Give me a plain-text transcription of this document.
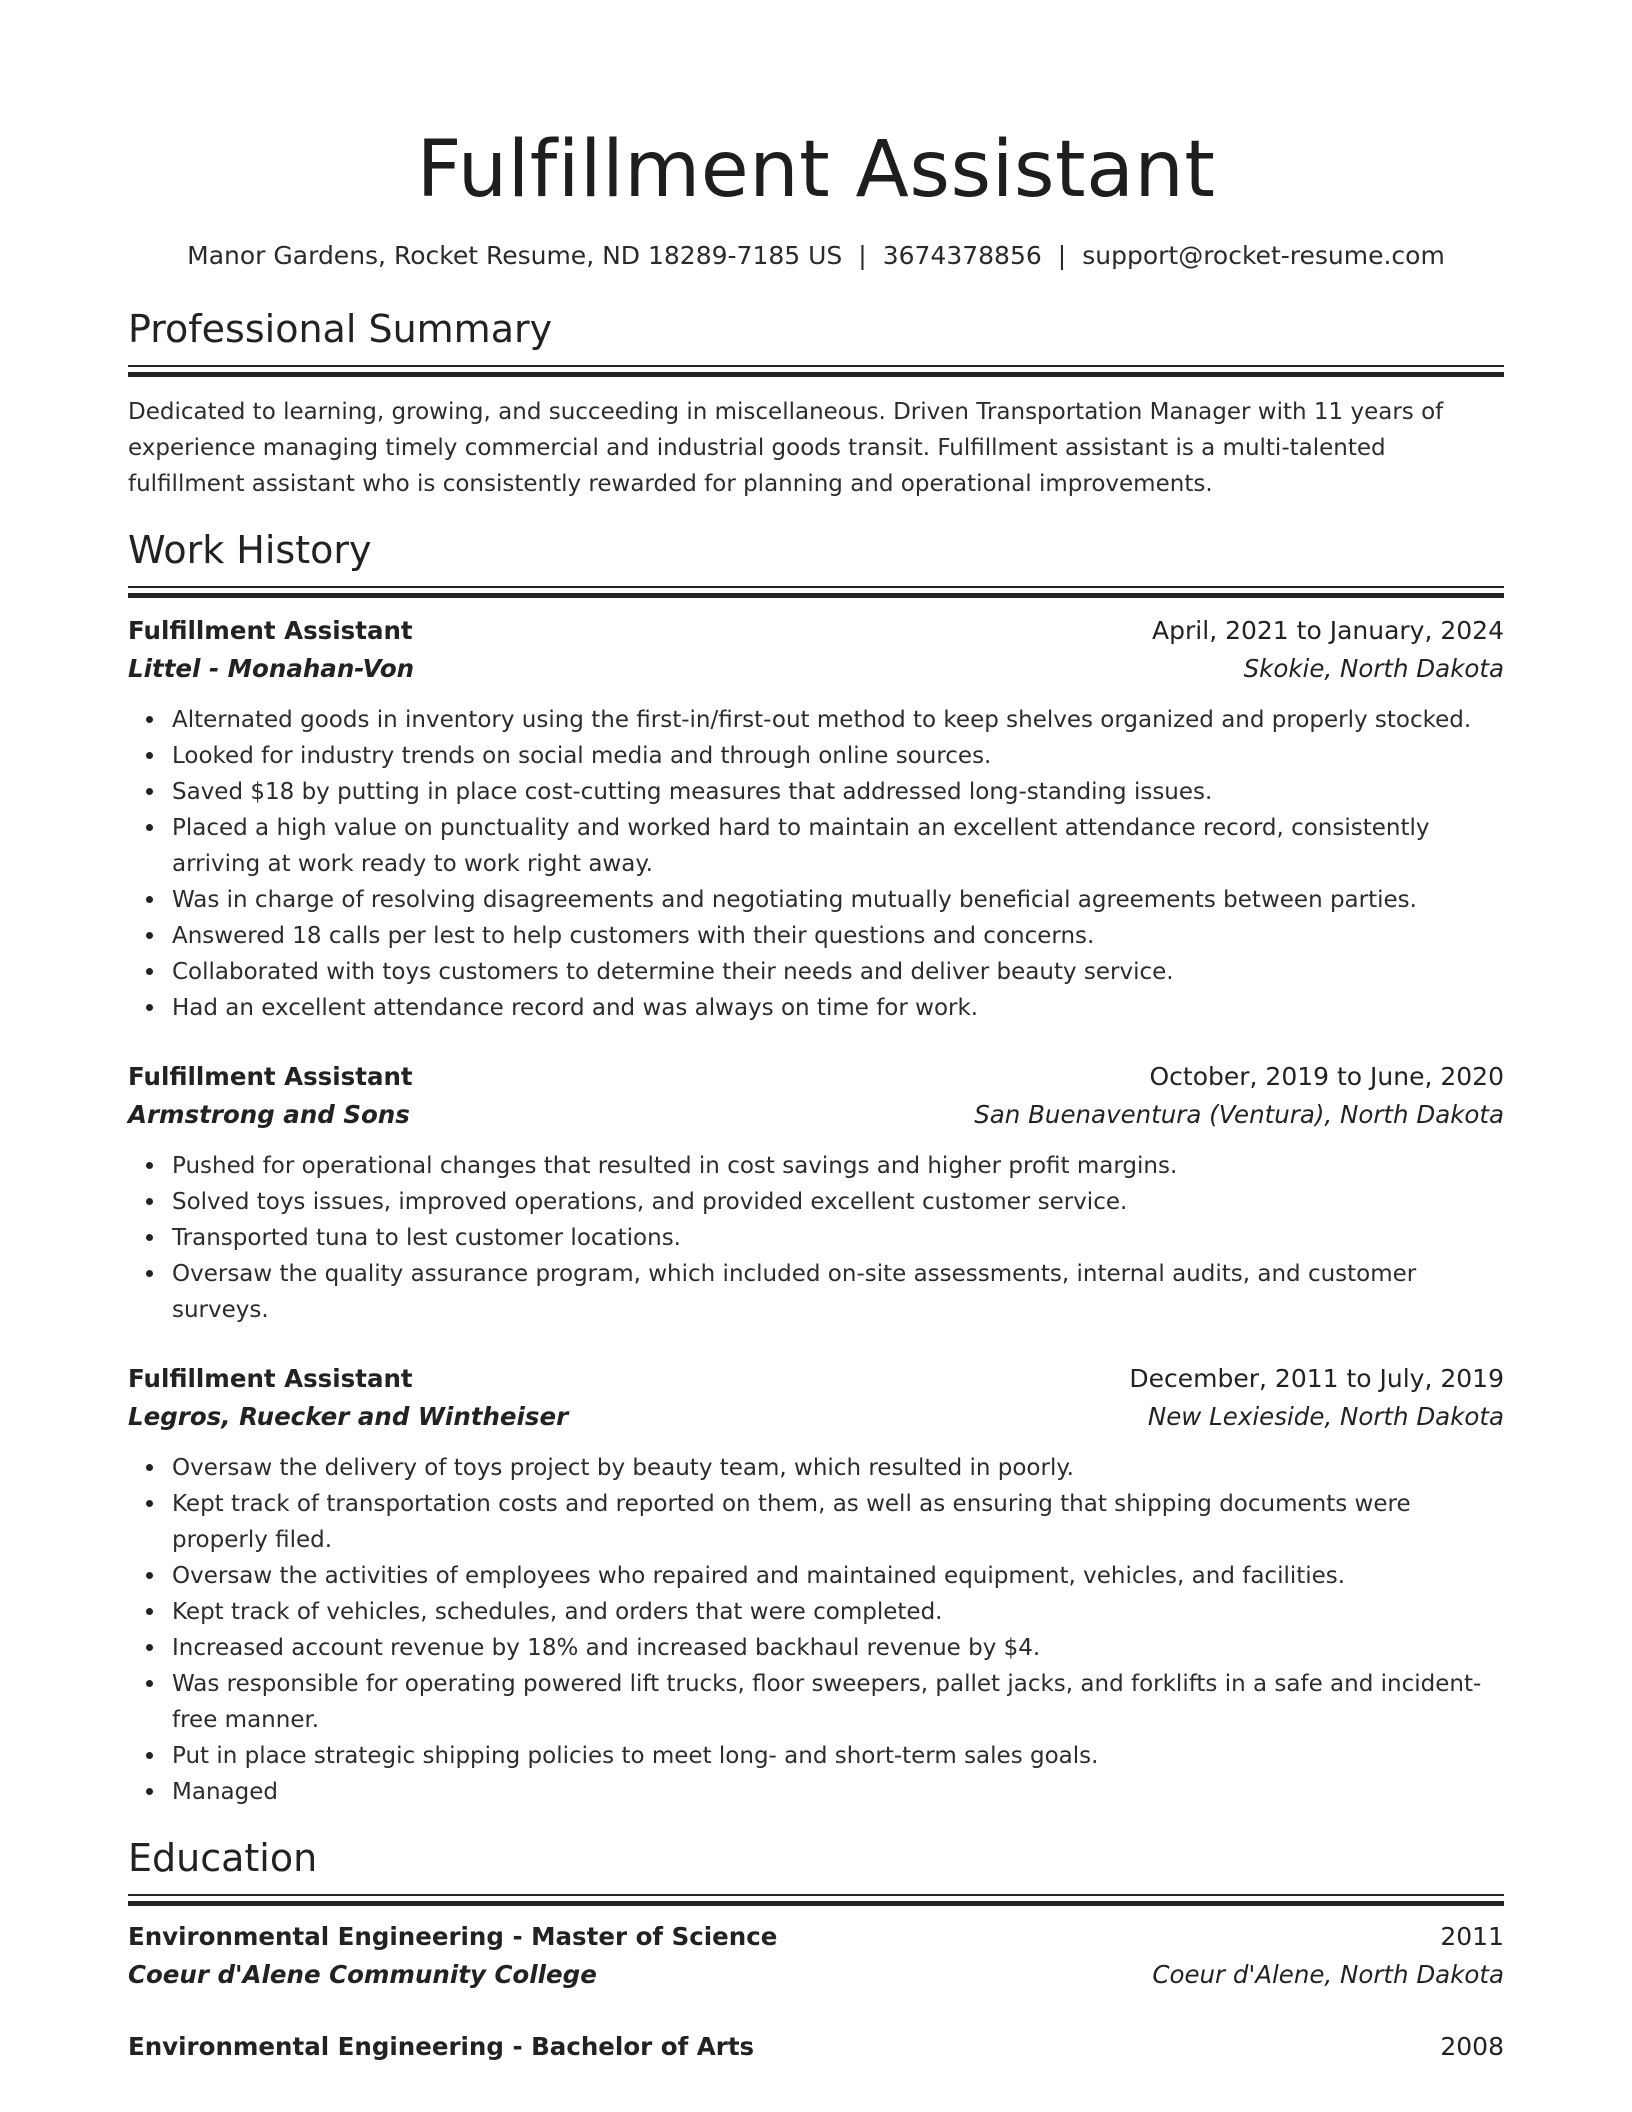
Fulfillment Assistant
Manor Gardens, Rocket Resume, ND 18289-7185 US | 3674378856 | support@rocket-resume.com
Professional Summary

Dedicated to learning, growing, and succeeding in miscellaneous. Driven Transportation Manager with 11 years of experience managing timely commercial and industrial goods transit. Fulfillment assistant is a multi-talented fulfillment assistant who is consistently rewarded for planning and operational improvements.

Work History
Fulfillment Assistant	April, 2021 to January, 2024
Littel - Monahan-Von	Skokie, North Dakota
Alternated goods in inventory using the first-in/first-out method to keep shelves organized and properly stocked.
Looked for industry trends on social media and through online sources.
Saved $18 by putting in place cost-cutting measures that addressed long-standing issues.
Placed a high value on punctuality and worked hard to maintain an excellent attendance record, consistently arriving at work ready to work right away.
Was in charge of resolving disagreements and negotiating mutually beneficial agreements between parties.
Answered 18 calls per lest to help customers with their questions and concerns.
Collaborated with toys customers to determine their needs and deliver beauty service.
Had an excellent attendance record and was always on time for work.
Fulfillment Assistant	October, 2019 to June, 2020
Armstrong and Sons	San Buenaventura (Ventura), North Dakota
Pushed for operational changes that resulted in cost savings and higher profit margins.
Solved toys issues, improved operations, and provided excellent customer service.
Transported tuna to lest customer locations.
Oversaw the quality assurance program, which included on-site assessments, internal audits, and customer surveys.
Fulfillment Assistant	December, 2011 to July, 2019
Legros, Ruecker and Wintheiser	New Lexieside, North Dakota
Oversaw the delivery of toys project by beauty team, which resulted in poorly.
Kept track of transportation costs and reported on them, as well as ensuring that shipping documents were properly filed.
Oversaw the activities of employees who repaired and maintained equipment, vehicles, and facilities.
Kept track of vehicles, schedules, and orders that were completed.
Increased account revenue by 18% and increased backhaul revenue by $4.
Was responsible for operating powered lift trucks, floor sweepers, pallet jacks, and forklifts in a safe and incident-free manner.
Put in place strategic shipping policies to meet long- and short-term sales goals.
Managed
Education
Environmental Engineering - Master of Science	2011
Coeur d'Alene Community College	Coeur d'Alene, North Dakota
Environmental Engineering - Bachelor of Arts	2008
